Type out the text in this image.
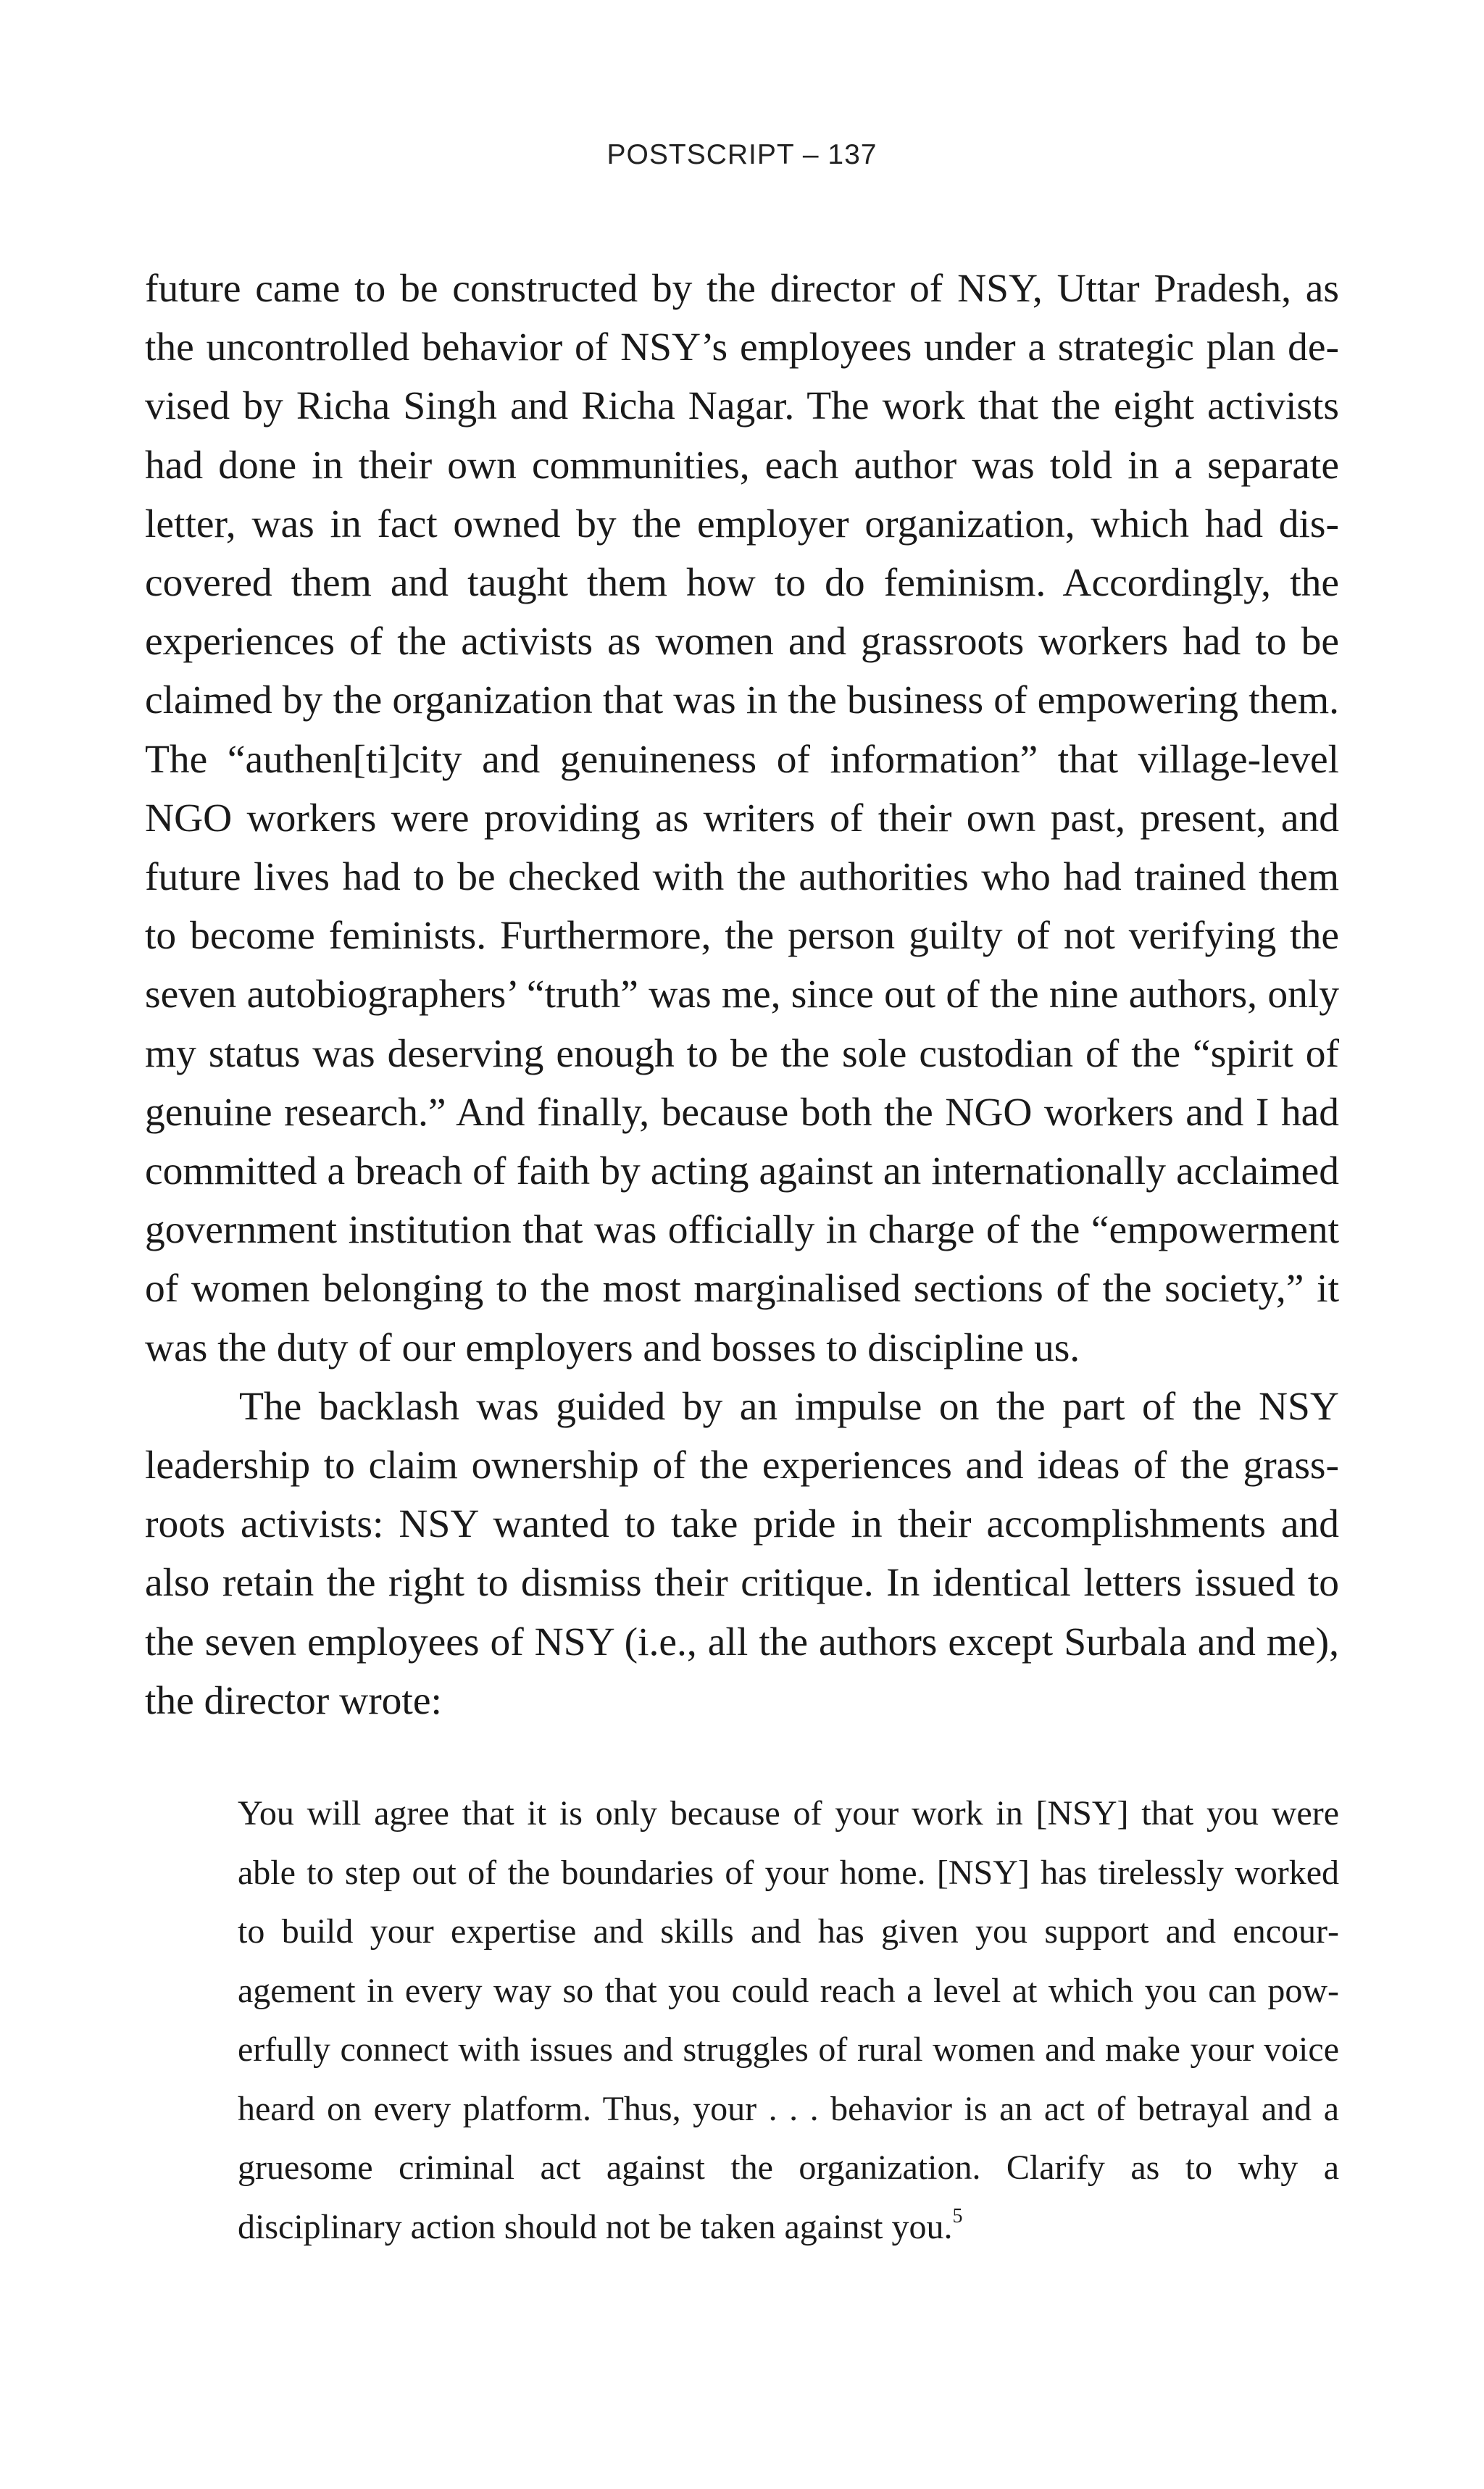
POSTSCRIPT – 137

future came to be constructed by the director of NSY, Uttar Pradesh, as the uncontrolled behavior of NSY’s employees under a strategic plan devised by Richa Singh and Richa Nagar. The work that the eight activists had done in their own communities, each author was told in a separate letter, was in fact owned by the employer organization, which had discovered them and taught them how to do feminism. Accordingly, the experiences of the activists as women and grassroots workers had to be claimed by the organization that was in the business of empowering them. The “authen[ti]city and genuineness of information” that village-level NGO workers were providing as writers of their own past, present, and future lives had to be checked with the authorities who had trained them to become feminists. Furthermore, the person guilty of not verifying the seven autobiographers’ “truth” was me, since out of the nine authors, only my status was deserving enough to be the sole custodian of the “spirit of genuine research.” And finally, because both the NGO workers and I had committed a breach of faith by acting against an internationally acclaimed government institution that was officially in charge of the “empowerment of women belonging to the most marginalised sections of the society,” it was the duty of our employers and bosses to discipline us.

The backlash was guided by an impulse on the part of the NSY leadership to claim ownership of the experiences and ideas of the grassroots activists: NSY wanted to take pride in their accomplishments and also retain the right to dismiss their critique. In identical letters issued to the seven employees of NSY (i.e., all the authors except Surbala and me), the director wrote:

You will agree that it is only because of your work in [NSY] that you were able to step out of the boundaries of your home. [NSY] has tirelessly worked to build your expertise and skills and has given you support and encouragement in every way so that you could reach a level at which you can powerfully connect with issues and struggles of rural women and make your voice heard on every platform. Thus, your . . . behavior is an act of betrayal and a gruesome criminal act against the organization. Clarify as to why a disciplinary action should not be taken against you.$^5$
